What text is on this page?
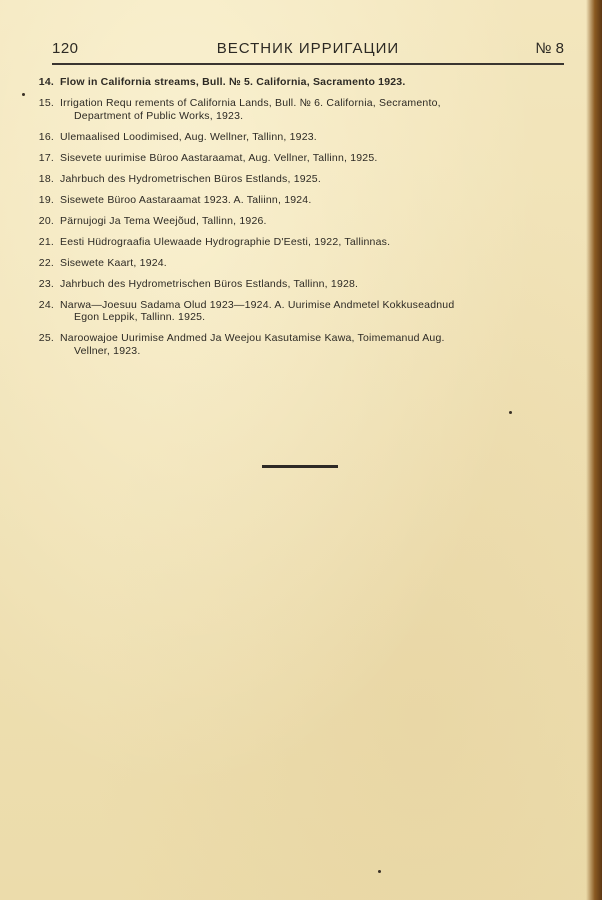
120	ВЕСТНИК ИРРИГАЦИИ	№ 8
14. Flow in California streams, Bull. № 5. California, Sacramento 1923.
15. Irrigation Requ rements of California Lands, Bull. № 6. California, Secramento,
Department of Public Works, 1923.
16. Ulemaalised Loodimised, Aug. Wellner, Tallinn, 1923.
17. Sisevete uurimise Büroo Aastaraamat, Aug. Vellner, Tallinn, 1925.
18. Jahrbuch des Hydrometrischen Büros Estlands, 1925.
19. Sisewete Büroo Aastaraamat 1923. A. Taliinn, 1924.
20. Pärnujogi Ja Tema Weejõud, Tallinn, 1926.
21. Eesti Hüdrograafia Ulewaade Hydrographie D'Eesti, 1922, Tallinnas.
22. Sisewete Kaart, 1924.
23. Jahrbuch des Hydrometrischen Büros Estlands, Tallinn, 1928.
24. Narwa—Joesuu Sadama Olud 1923—1924. A. Uurimise Andmetel Kokkuseadnud
Egon Leppik, Tallinn. 1925.
25. Naroowajoe Uurimise Andmed Ja Weejou Kasutamise Kawa, Toimemanud Aug.
Vellner, 1923.
